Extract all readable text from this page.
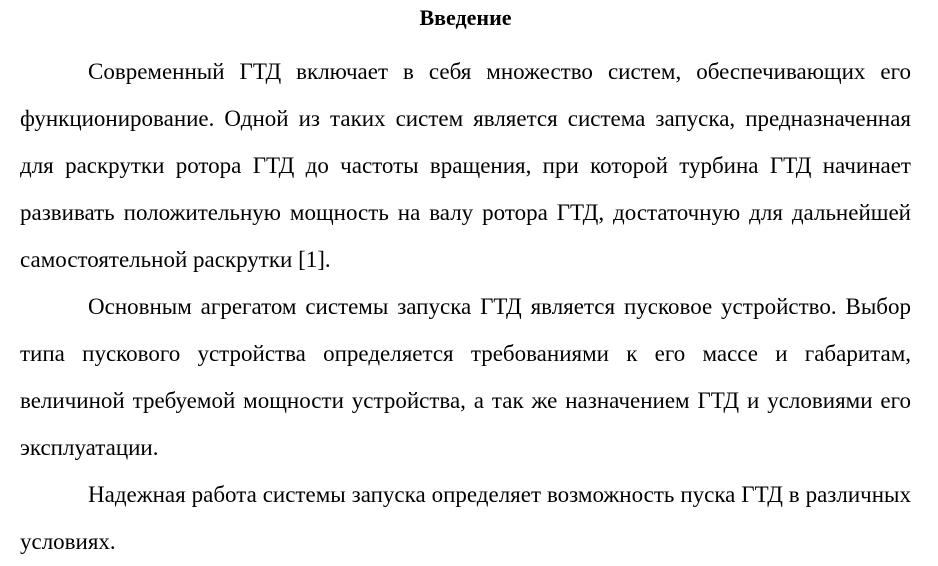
Введение

Современный ГТД включает в себя множество систем, обеспечивающих его функционирование. Одной из таких систем является система запуска, предназначенная для раскрутки ротора ГТД до частоты вращения, при которой турбина ГТД начинает развивать положительную мощность на валу ротора ГТД, достаточную для дальнейшей самостоятельной раскрутки [1].

Основным агрегатом системы запуска ГТД является пусковое устройство. Выбор типа пускового устройства определяется требованиями к его массе и габаритам, величиной требуемой мощности устройства, а так же назначением ГТД и условиями его эксплуатации.

Надежная работа системы запуска определяет возможность пуска ГТД в различных условиях.
